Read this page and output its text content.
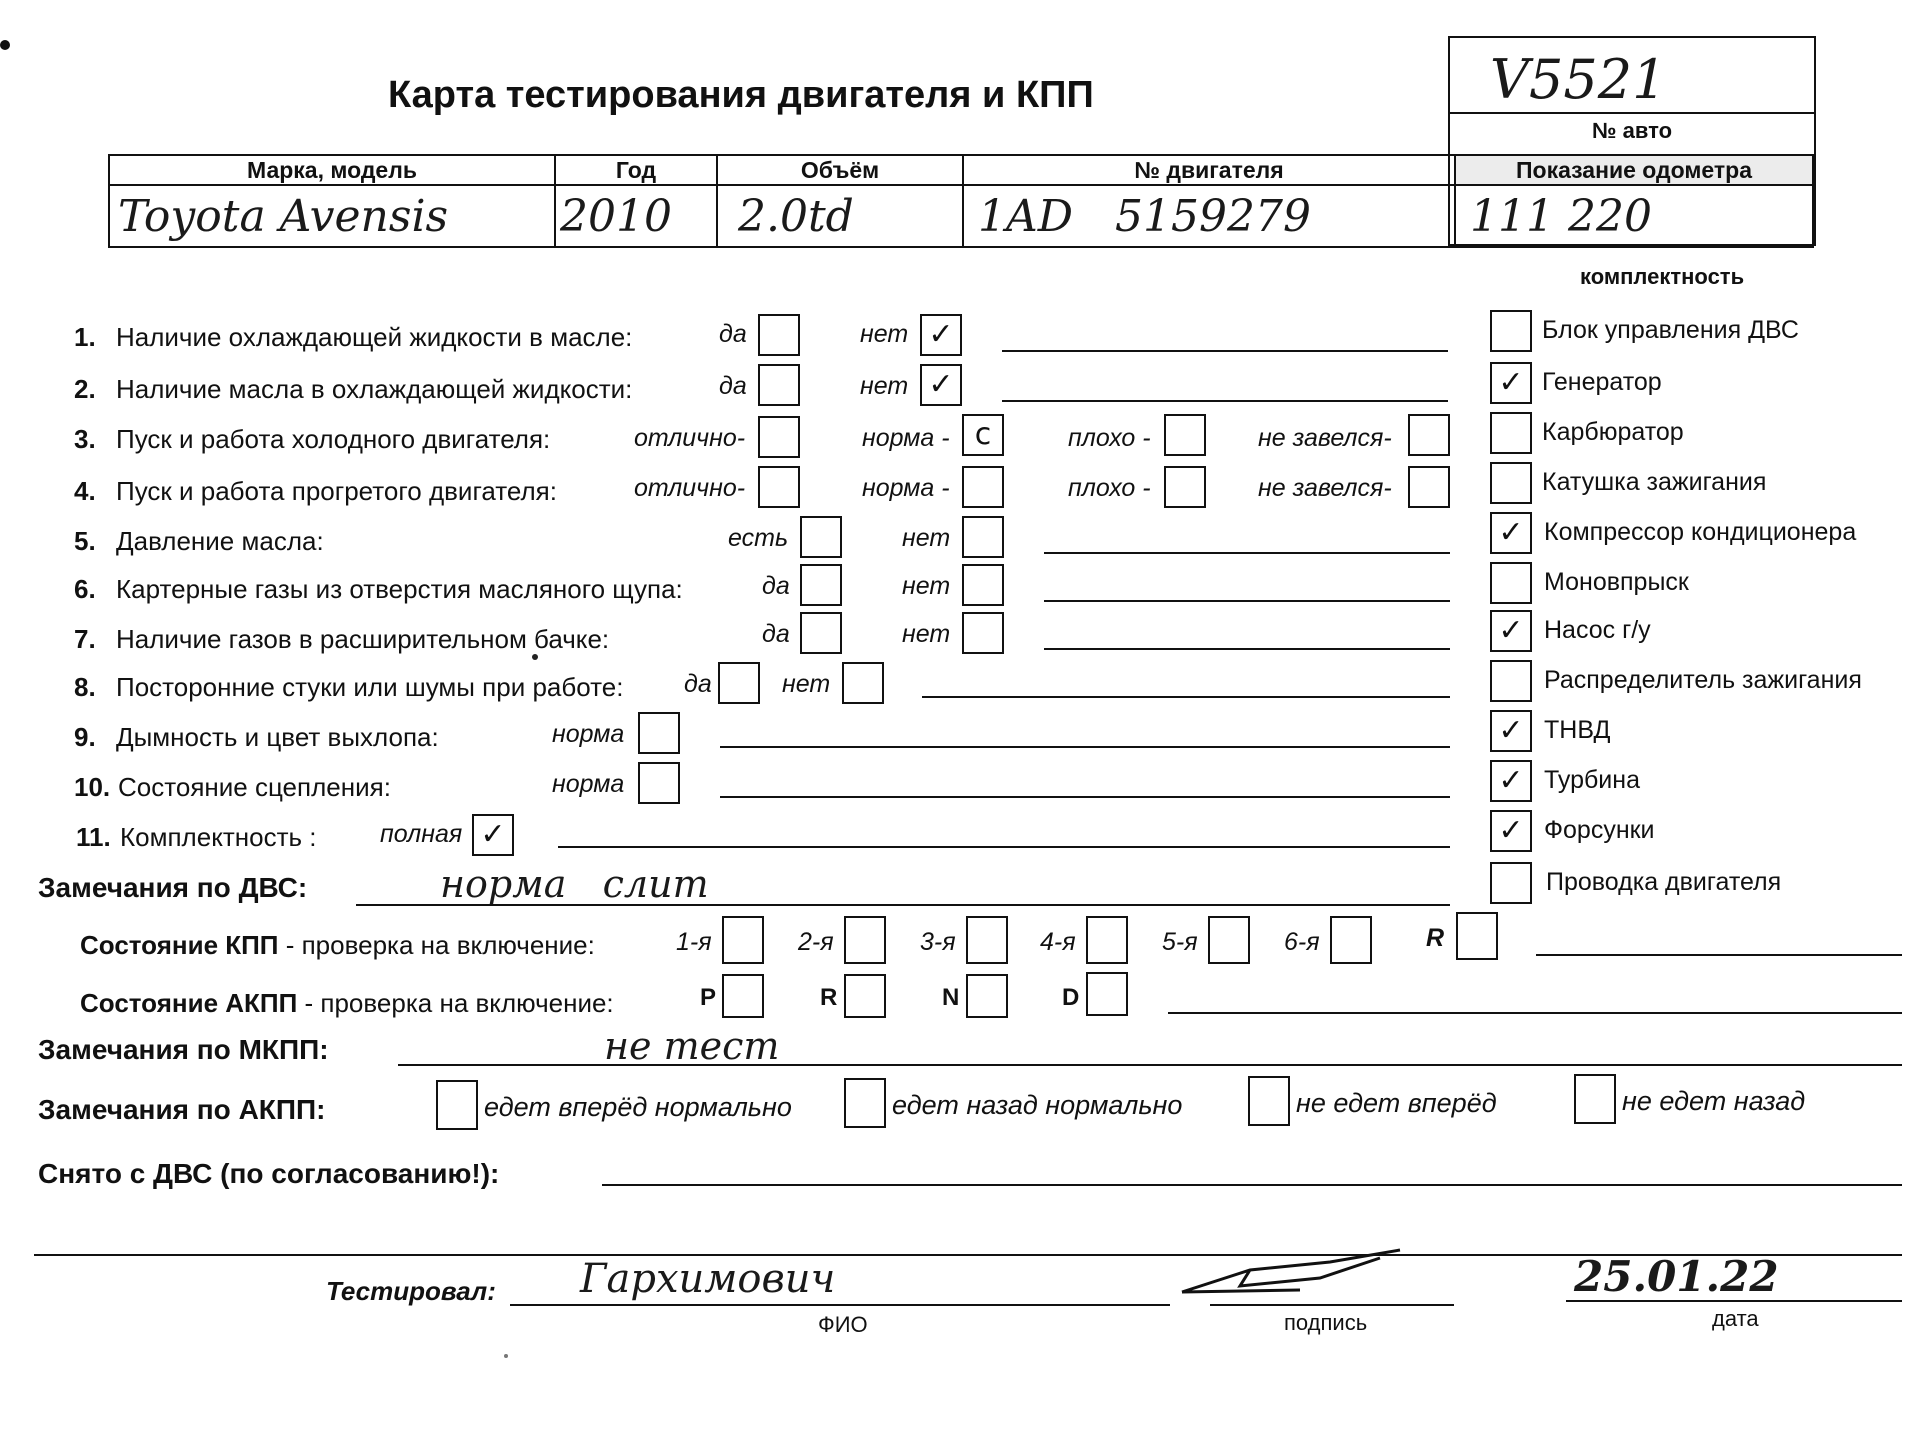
Карта тестирования двигателя и КПП	V5521
№ авто
Марка, модель	Год	Объём	№ двигателя	Показание одометра
Toyota Avensis	2010	2.0td	1AD   5159279	111 220
комплектность
1. Наличие охлаждающей жидкости в масле:	да	нет ✓
2. Наличие масла в охлаждающей жидкости:	да	нет ✓
3. Пуск и работа холодного двигателя:	отлично-	норма - c	плохо -	не завелся-
4. Пуск и работа прогретого двигателя:	отлично-	норма -	плохо -	не завелся-
5. Давление масла:	есть	нет
6. Картерные газы из отверстия масляного щупа:	да	нет
7. Наличие газов в расширительном бачке:	да	нет
8. Посторонние стуки или шумы при работе: да	нет
9. Дымность и цвет выхлопа:	норма
10. Состояние сцепления:	норма
11. Комплектность :	полная ✓
Блок управления ДВС
✓ Генератор
Карбюратор
Катушка зажигания
✓ Компрессор кондиционера
Моновпрыск
✓ Насос г/у
Распределитель зажигания
✓ ТНВД
✓ Турбина
✓ Форсунки
Проводка двигателя
Замечания по ДВС:	норма   слит
Состояние КПП - проверка на включение:	1-я	2-я	3-я	4-я	5-я	6-я	R
Состояние АКПП - проверка на включение:	P	R	N	D
Замечания по МКПП:	не тест
Замечания по АКПП:	едет вперёд нормально	едет назад нормально	не едет вперёд	не едет назад
Снято с ДВС (по согласованию!):
Тестировал: Гархимович
ФИО	подпись
25.01.22
дата
